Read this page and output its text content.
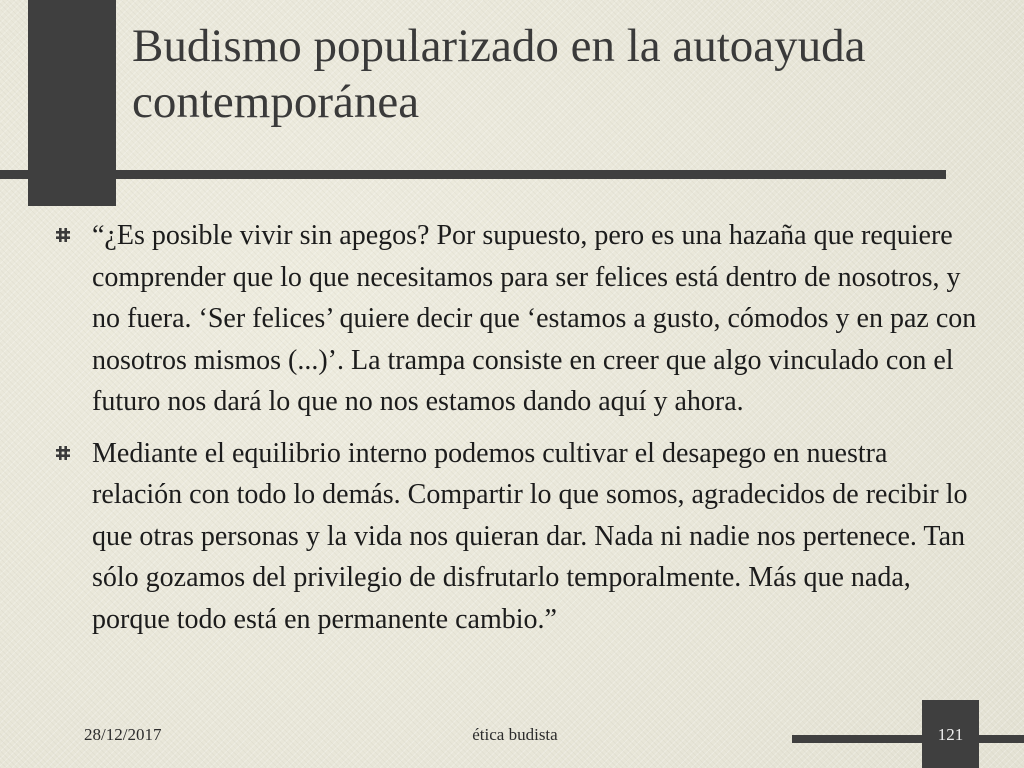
Budismo popularizado en la autoayuda contemporánea
“¿Es posible vivir sin apegos? Por supuesto, pero es una hazaña que requiere comprender que lo que necesitamos para ser felices está dentro de nosotros, y no fuera. ‘Ser felices’ quiere decir que ‘estamos a gusto, cómodos y en paz con nosotros mismos (...)’. La trampa consiste en creer que algo vinculado con el futuro nos dará lo que no nos estamos dando aquí y ahora.
Mediante el equilibrio interno podemos cultivar el desapego en nuestra relación con todo lo demás. Compartir lo que somos, agradecidos de recibir lo que otras personas y la vida nos quieran dar. Nada ni nadie nos pertenece. Tan sólo gozamos del privilegio de disfrutarlo temporalmente. Más que nada, porque todo está en permanente cambio.”
28/12/2017	ética budista	121
